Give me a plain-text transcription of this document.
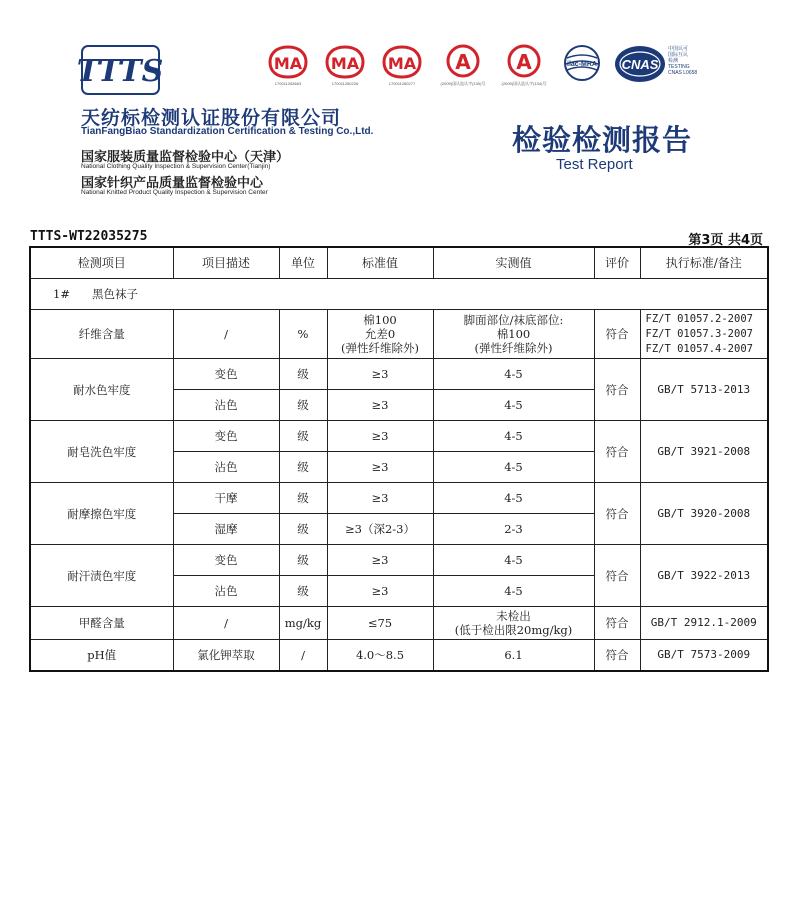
TTTS	MA
170011263663
MA
170011260226
MA
170011260277
A
(2009)国认监认字(130)号
A
(2009)国认监认字(134)号
ilac-MRA CNAS
中国认可
国际互认
检测
TESTING
CNAS L0658
天纺标检测认证股份有限公司
TianFangBiao Standardization Certification & Testing Co.,Ltd.
国家服装质量监督检验中心（天津）
National Clothing Quality Inspection & Supervision Center(Tianjin)
国家针织产品质量监督检验中心
National Knitted Product Quality Inspection & Supervision Center
检验检测报告
Test Report
TTTS-WT22035275	第3页 共4页
检测项目	项目描述	单位	标准值	实测值	评价	执行标准/备注
1# 黑色袜子						
纤维含量	/	%	棉100
允差0
(弹性纤维除外)	脚面部位/袜底部位:
棉100
(弹性纤维除外)	符合	FZ/T 01057.2-2007
FZ/T 01057.3-2007
FZ/T 01057.4-2007

耐水色牢度	变色	级	≥3	4-5	符合	GB/T 5713-2013
	沾色	级	≥3	4-5		
耐皂洗色牢度	变色	级	≥3	4-5	符合	GB/T 3921-2008
	沾色	级	≥3	4-5		
耐摩擦色牢度	干摩	级	≥3	4-5	符合	GB/T 3920-2008
	湿摩	级	≥3（深2-3）	2-3		
耐汗渍色牢度	变色	级	≥3	4-5	符合	GB/T 3922-2013
	沾色	级	≥3	4-5		
甲醛含量	/	mg/kg	≤75	未检出
(低于检出限20mg/kg)	符合	GB/T 2912.1-2009
pH值	氯化钾萃取	/	4.0～8.5	6.1	符合	GB/T 7573-2009
